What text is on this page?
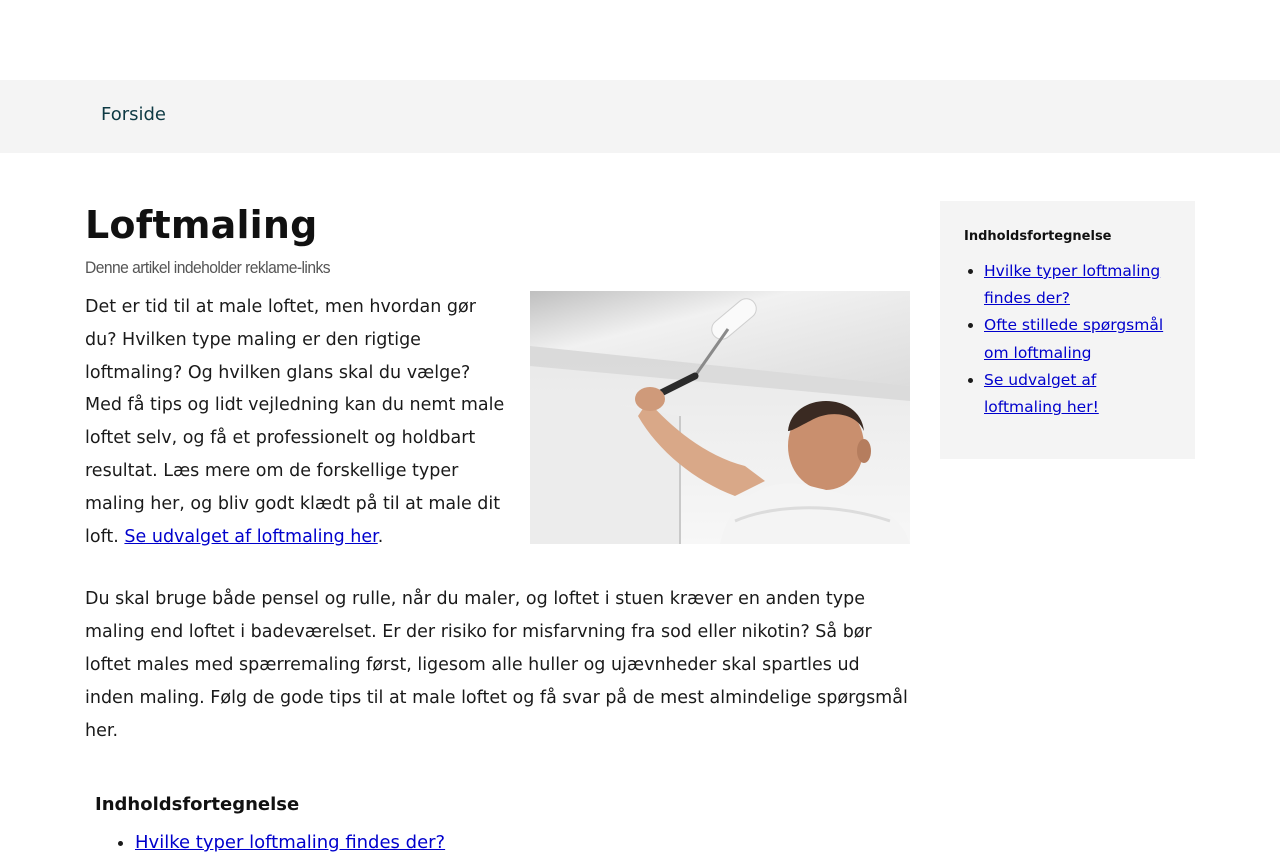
Forside
Loftmaling
Denne artikel indeholder reklame-links

Det er tid til at male loftet, men hvordan gør du? Hvilken type maling er den rigtige loftmaling? Og hvilken glans skal du vælge? Med få tips og lidt vejledning kan du nemt male loftet selv, og få et professionelt og holdbart resultat. Læs mere om de forskellige typer maling her, og bliv godt klædt på til at male dit loft. Se udvalget af loftmaling her.

Du skal bruge både pensel og rulle, når du maler, og loftet i stuen kræver en anden type maling end loftet i badeværelset. Er der risiko for misfarvning fra sod eller nikotin? Så bør loftet males med spærremaling først, ligesom alle huller og ujævnheder skal spartles ud inden maling. Følg de gode tips til at male loftet og få svar på de mest almindelige spørgsmål her.

Indholdsfortegnelse

• Hvilke typer loftmaling findes der?

Indholdsfortegnelse

• Hvilke typer loftmaling findes der?
• Ofte stillede spørgsmål om loftmaling
• Se udvalget af loftmaling her!
